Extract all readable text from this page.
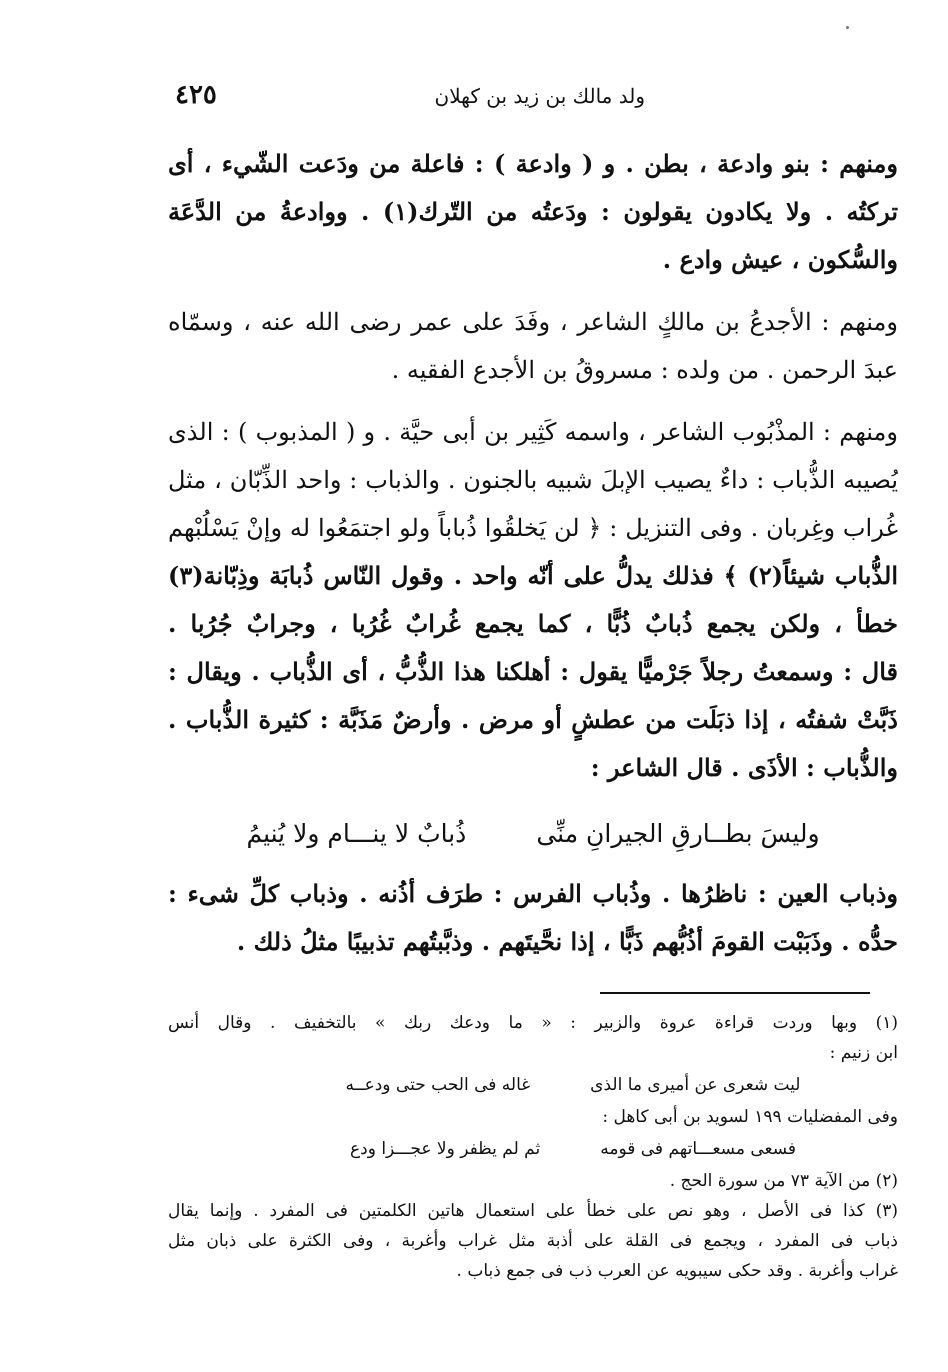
ولد مالك بن زيد بن كهلان
٤٢٥
ومنهم : بنو وادعة ، بطن . و ( وادعة ) : فاعلة من ودَعت الشّيء ، أى
تركتُه . ولا يكادون يقولون : ودَعتُه من التّرك(١) . ووادعةُ من الدَّعَة
والسُّكون ، عيش وادع .
ومنهم : الأجدعُ بن مالكٍ الشاعر ، وفَدَ على عمر رضى الله عنه ، وسمّاه
عبدَ الرحمن . من ولده : مسروقُ بن الأجدع الفقيه .
ومنهم : المذْبُوب الشاعر ، واسمه كَثِير بن أبى حيَّة . و ( المذبوب ) : الذى
يُصيبه الذُّباب : داءٌ يصيب الإبلَ شبيه بالجنون . والذباب : واحد الذِّبّان ، مثل
غُراب وغِربان . وفى التنزيل : ﴿ لن يَخلقُوا ذُباباً ولو اجتمَعُوا له وإنْ يَسْلُبْهم
الذُّباب شيئاً(٢) ﴾ فذلك يدلُّ على أنّه واحد . وقول النّاس ذُبابَة وذِبّانة(٣)
خطأ ، ولكن يجمع ذُبابٌ ذُبًّا ، كما يجمع غُرابٌ غُرُبا ، وجرابٌ جُرُبا .
قال : وسمعتُ رجلاً جَرْميًّا يقول : أهلكنا هذا الذُّبُّ ، أى الذُّباب . ويقال :
ذَبَّتْ شفتُه ، إذا ذبَلَت من عطشٍ أو مرض . وأرضٌ مَذَبَّة : كثيرة الذُّباب .
والذُّباب : الأذَى . قال الشاعر :
وليسَ بطــارقِ الجيرانِ منِّى
ذُبابٌ لا ينـــام ولا يُنيمُ
وذباب العين : ناظرُها . وذُباب الفرس : طرَف أذُنه . وذباب كلِّ شىء :
حدُّه . وذَبَبْت القومَ أذُبُّهم ذَبًّا ، إذا نحَّيتَهم . وذبَّبتُهم تذبيبًا مثلُ ذلك .
(١) وبها وردت قراءة عروة والزبير : « ما ودعك ربك » بالتخفيف . وقال أنس
ابن زنيم :
ليت شعرى عن أميرى ما الذى
غاله فى الحب حتى ودعــه
وفى المفضليات ١٩٩ لسويد بن أبى كاهل :
فسعى مسعـــاتهم فى قومه
ثم لم يظفر ولا عجـــزا ودع
(٢) من الآية ٧٣ من سورة الحج .
(٣) كذا فى الأصل ، وهو نص على خطأ على استعمال هاتين الكلمتين فى المفرد . وإنما يقال
ذباب فى المفرد ، ويجمع فى القلة على أذبة مثل غراب وأغربة ، وفى الكثرة على ذبان مثل
غراب وأغربة . وقد حكى سيبويه عن العرب ذب فى جمع ذباب .
